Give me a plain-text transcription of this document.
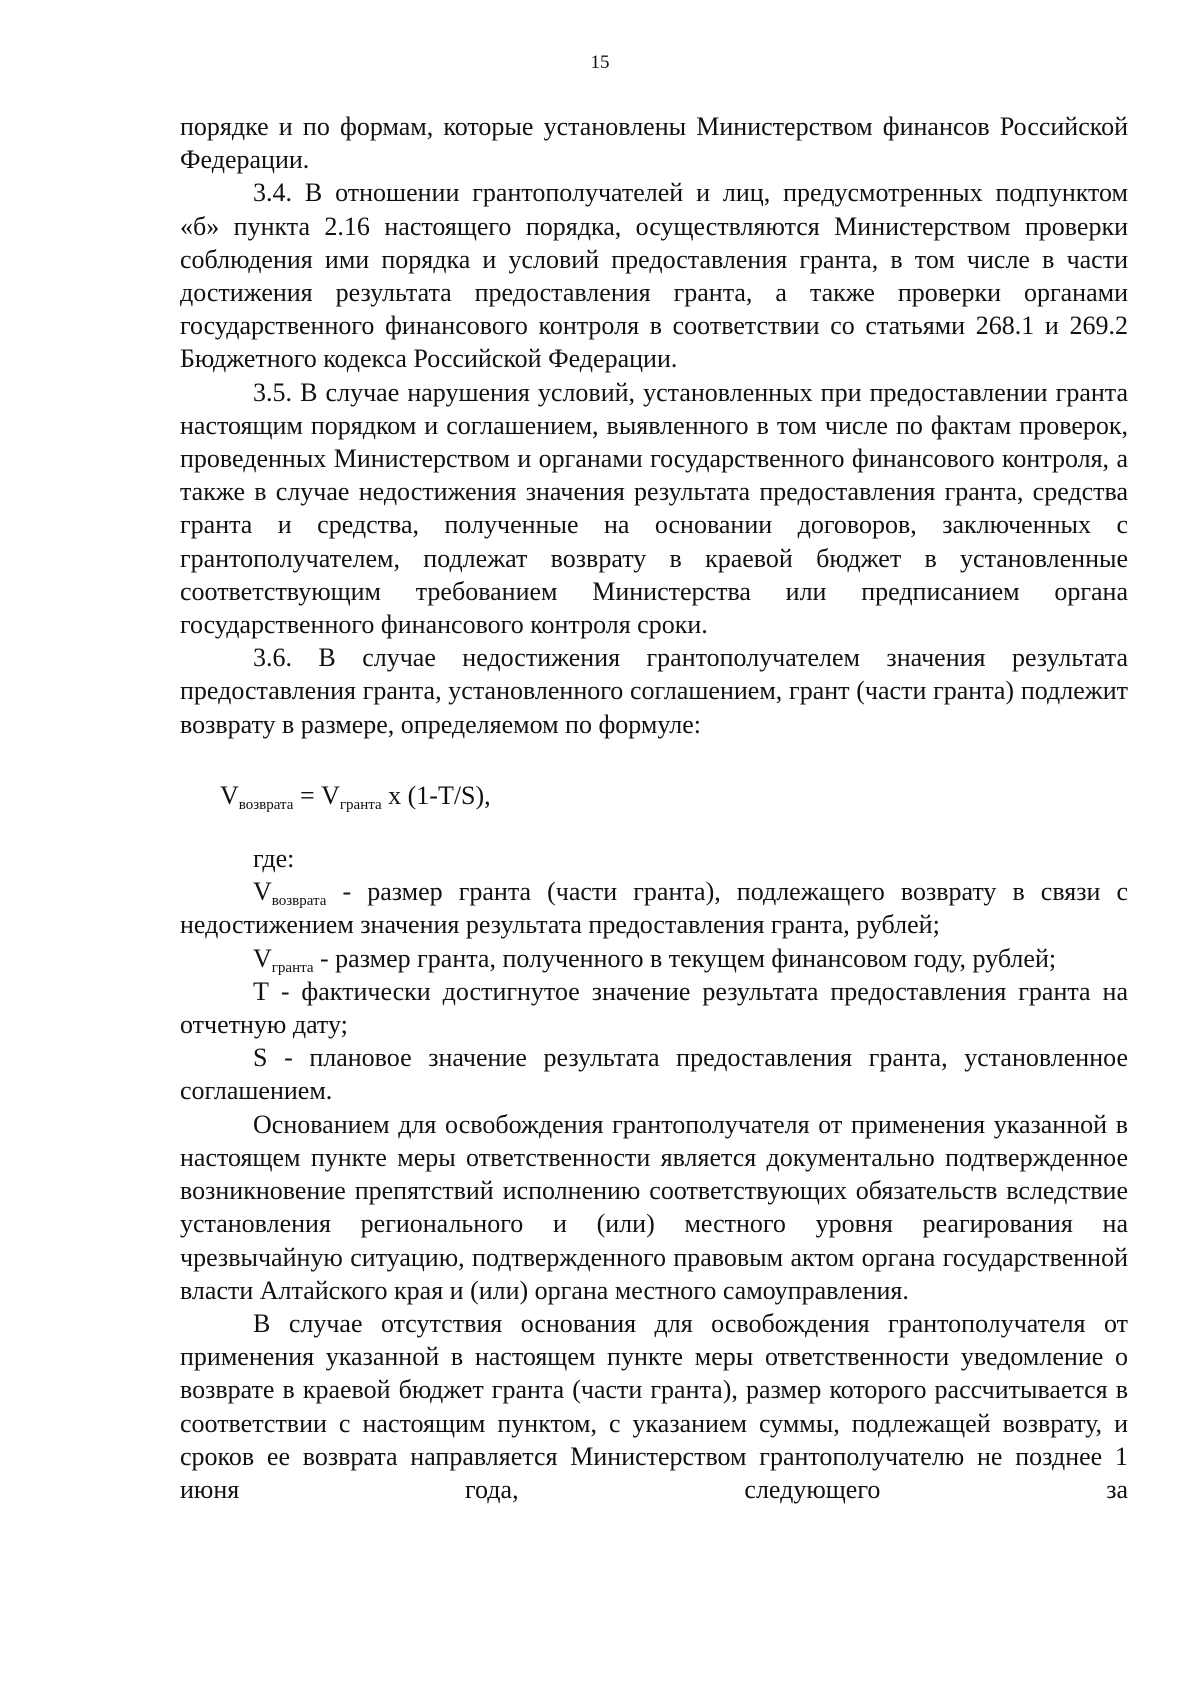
15

порядке и по формам, которые установлены Министерством финансов Российской Федерации.

3.4. В отношении грантополучателей и лиц, предусмотренных подпунктом «б» пункта 2.16 настоящего порядка, осуществляются Министерством проверки соблюдения ими порядка и условий предоставления гранта, в том числе в части достижения результата предоставления гранта, а также проверки органами государственного финансового контроля в соответствии со статьями 268.1 и 269.2 Бюджетного кодекса Российской Федерации.

3.5. В случае нарушения условий, установленных при предоставлении гранта настоящим порядком и соглашением, выявленного в том числе по фактам проверок, проведенных Министерством и органами государственного финансового контроля, а также в случае недостижения значения результата предоставления гранта, средства гранта и средства, полученные на основании договоров, заключенных с грантополучателем, подлежат возврату в краевой бюджет в установленные соответствующим требованием Министерства или предписанием органа государственного финансового контроля сроки.

3.6. В случае недостижения грантополучателем значения результата предоставления гранта, установленного соглашением, грант (части гранта) подлежит возврату в размере, определяемом по формуле:

$V_{возврата} = V_{гранта}$ х (1-Т/S),

где:

$V_{возврата}$ - размер гранта (части гранта), подлежащего возврату в связи с недостижением значения результата предоставления гранта, рублей;

$V_{гранта}$ - размер гранта, полученного в текущем финансовом году, рублей;

Т - фактически достигнутое значение результата предоставления гранта на отчетную дату;

S - плановое значение результата предоставления гранта, установленное соглашением.

Основанием для освобождения грантополучателя от применения указанной в настоящем пункте меры ответственности является документально подтвержденное возникновение препятствий исполнению соответствующих обязательств вследствие установления регионального и (или) местного уровня реагирования на чрезвычайную ситуацию, подтвержденного правовым актом органа государственной власти Алтайского края и (или) органа местного самоуправления.

В случае отсутствия основания для освобождения грантополучателя от применения указанной в настоящем пункте меры ответственности уведомление о возврате в краевой бюджет гранта (части гранта), размер которого рассчитывается в соответствии с настоящим пунктом, с указанием суммы, подлежащей возврату, и сроков ее возврата направляется Министерством грантополучателю не позднее 1 июня года, следующего за
